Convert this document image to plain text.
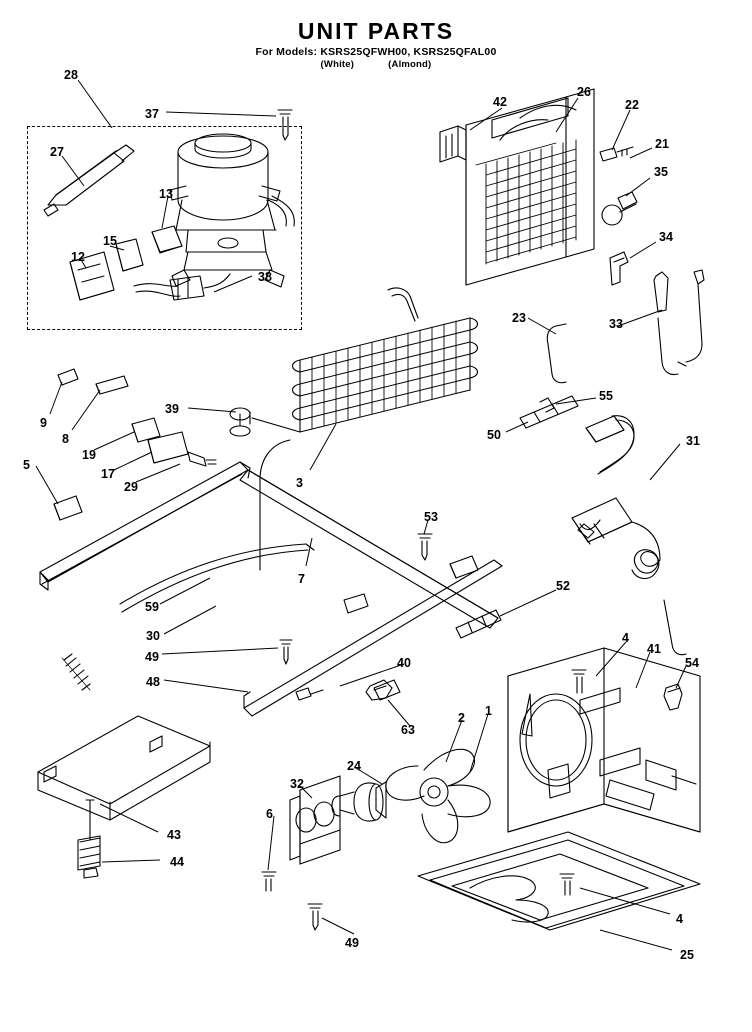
UNIT PARTS
For Models: KSRS25QFWH00, KSRS25QFAL00
(White)	(Almond)
28
37
27
13
15
12
38
42
26
22
21
35
34
23	33
55
50
9
8
39
19
17
29
5
3
31
53
7	52
59
30
49
48
40
4
41
54
63
2 1
24
32
6
43
44
49
4
25
